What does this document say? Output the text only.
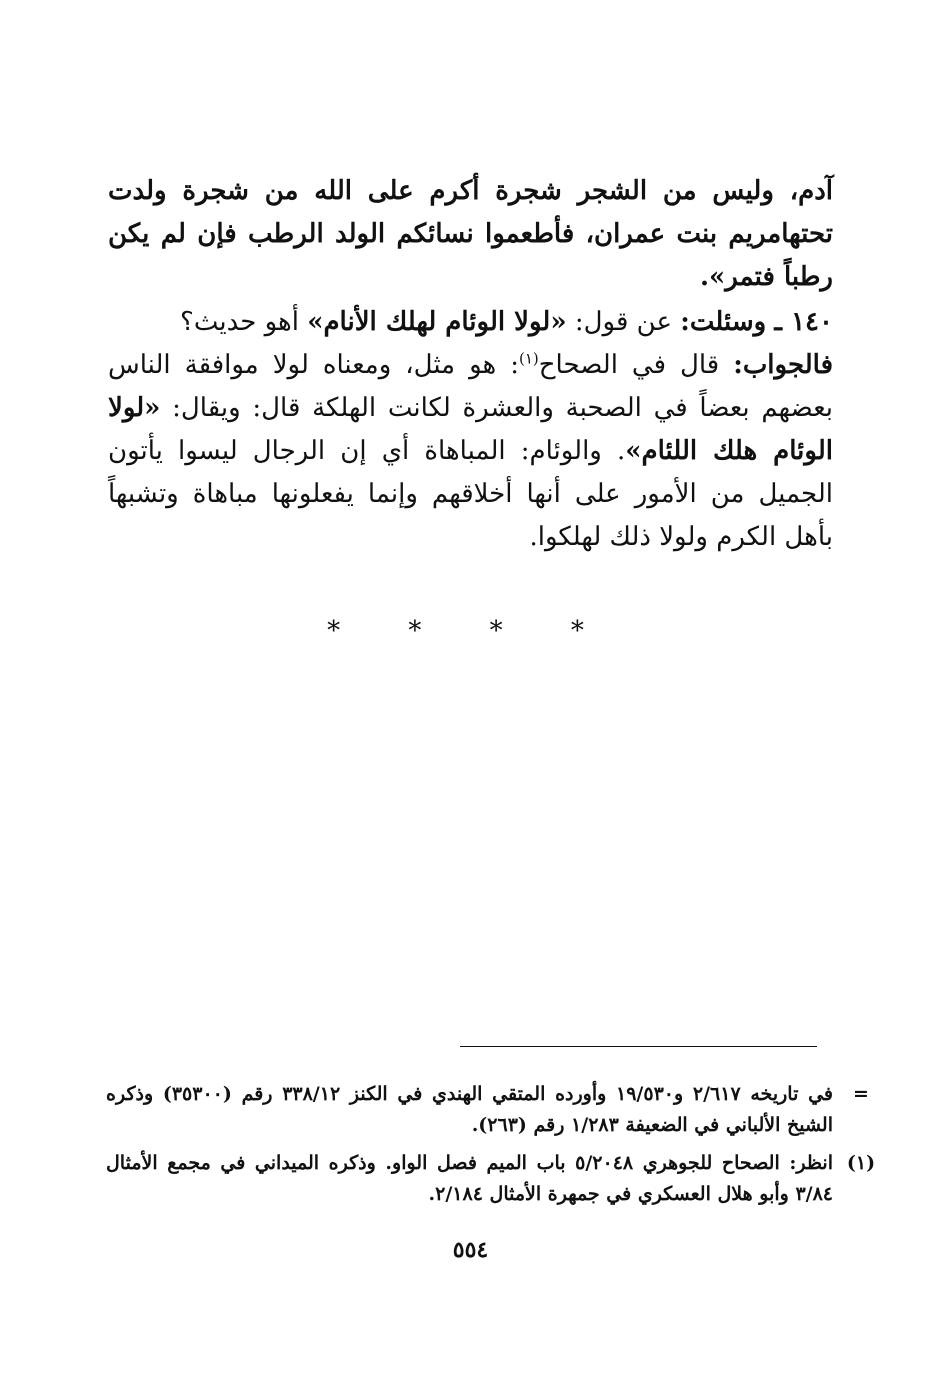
آدم، وليس من الشجر شجرة أكرم على الله من شجرة ولدت تحتهامريم بنت عمران، فأطعموا نسائكم الولد الرطب فإن لم يكن رطباً فتمر».

١٤٠ ـ وسئلت: عن قول: «لولا الوئام لهلك الأنام» أهو حديث؟

فالجواب: قال في الصحاح$^{(١)}$: هو مثل، ومعناه لولا موافقة الناس بعضهم بعضاً في الصحبة والعشرة لكانت الهلكة قال: ويقال: «لولا الوئام هلك اللئام». والوئام: المباهاة أي إن الرجال ليسوا يأتون الجميل من الأمور على أنها أخلاقهم وإنما يفعلونها مباهاة وتشبهاً بأهل الكرم ولولا ذلك لهلكوا.

* * * *
=
في تاريخه ٢/٦١٧ و١٩/٥٣٠ وأورده المتقي الهندي في الكنز ٣٣٨/١٢ رقم (٣٥٣٠٠) وذكره الشيخ الألباني في الضعيفة ١/٢٨٣ رقم (٢٦٣).
(١)
انظر: الصحاح للجوهري ٥/٢٠٤٨ باب الميم فصل الواو. وذكره الميداني في مجمع الأمثال ٣/٨٤ وأبو هلال العسكري في جمهرة الأمثال ٢/١٨٤.
٥٥٤
